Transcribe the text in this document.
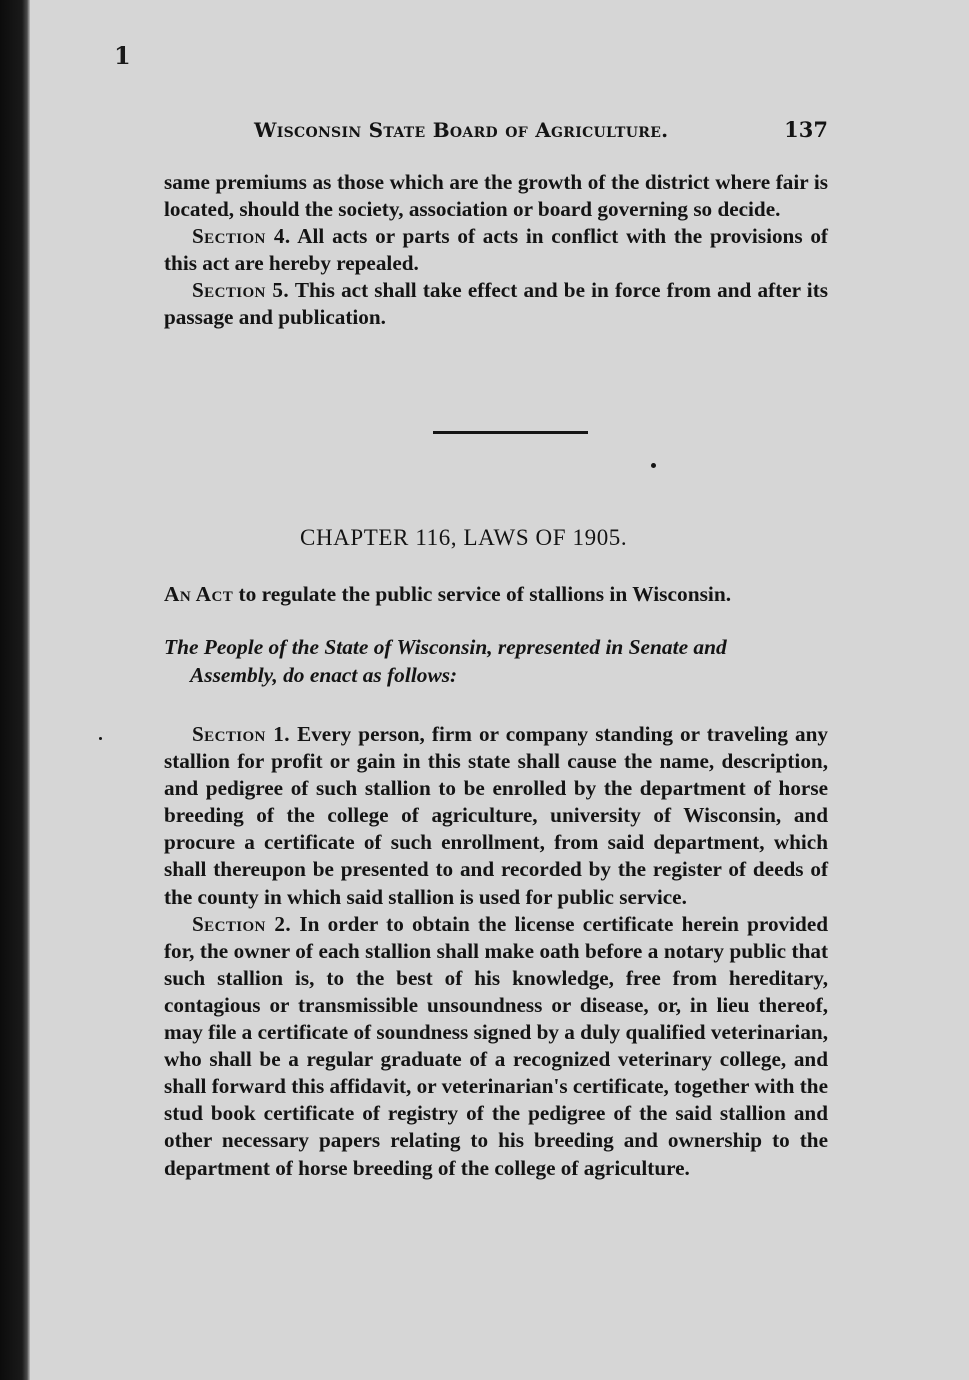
1
Wisconsin State Board of Agriculture.	137

same premiums as those which are the growth of the district where fair is located, should the society, association or board governing so decide.

Section 4. All acts or parts of acts in conflict with the provisions of this act are hereby repealed.

Section 5. This act shall take effect and be in force from and after its passage and publication.

CHAPTER 116, LAWS OF 1905.
An Act to regulate the public service of stallions in Wisconsin.
The People of the State of Wisconsin, represented in Senate and
Assembly, do enact as follows:

Section 1. Every person, firm or company standing or traveling any stallion for profit or gain in this state shall cause the name, description, and pedigree of such stallion to be enrolled by the department of horse breeding of the college of agriculture, university of Wisconsin, and procure a certificate of such enrollment, from said department, which shall thereupon be presented to and recorded by the register of deeds of the county in which said stallion is used for public service.

Section 2. In order to obtain the license certificate herein provided for, the owner of each stallion shall make oath before a notary public that such stallion is, to the best of his knowledge, free from hereditary, contagious or transmissible unsoundness or disease, or, in lieu thereof, may file a certificate of soundness signed by a duly qualified veterinarian, who shall be a regular graduate of a recognized veterinary college, and shall forward this affidavit, or veterinarian's certificate, together with the stud book certificate of registry of the pedigree of the said stallion and other necessary papers relating to his breeding and ownership to the department of horse breeding of the college of agriculture.
